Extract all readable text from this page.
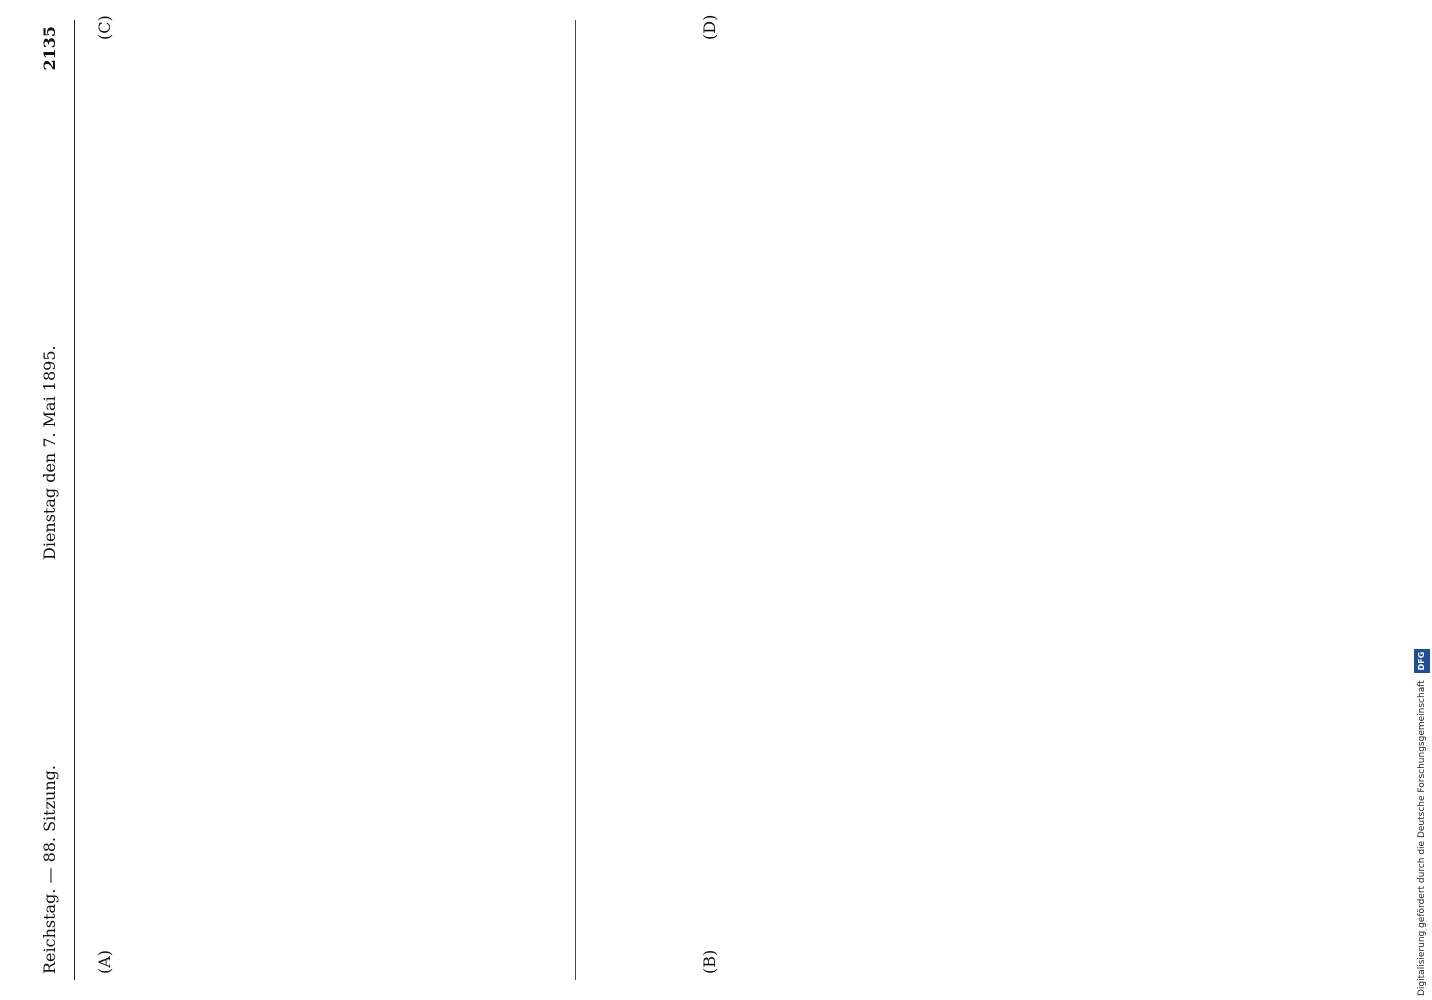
Reichstag. — 88. Sitzung.
Dienstag den 7. Mai 1895.
2135
(A)	(B)
(C)	(D)
Digitalisierung gefördert durch die Deutsche Forschungsgemeinschaft DFG
